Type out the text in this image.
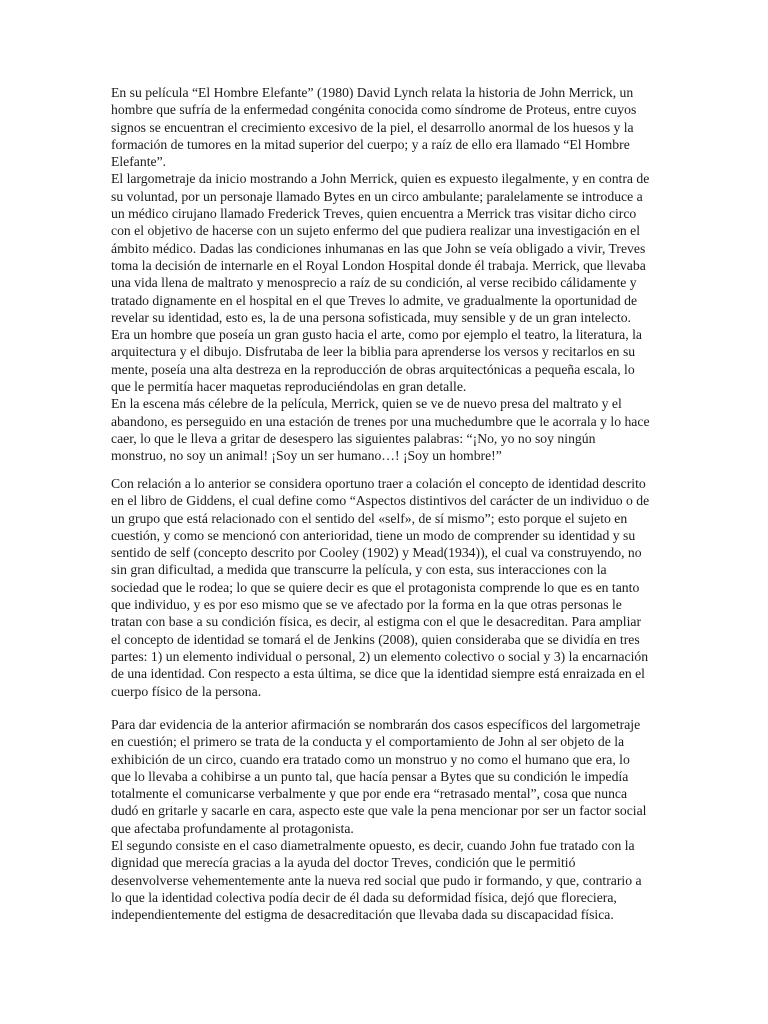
En su película “El Hombre Elefante” (1980) David Lynch relata la historia de John Merrick, un hombre que sufría de la enfermedad congénita conocida como síndrome de Proteus, entre cuyos signos se encuentran el crecimiento excesivo de la piel, el desarrollo anormal de los huesos y la formación de tumores en la mitad superior del cuerpo; y a raíz de ello era llamado “El Hombre Elefante”.

El largometraje da inicio mostrando a John Merrick, quien es expuesto ilegalmente, y en contra de su voluntad, por un personaje llamado Bytes en un circo ambulante; paralelamente se introduce a un médico cirujano llamado Frederick Treves, quien encuentra a Merrick tras visitar dicho circo con el objetivo de hacerse con un sujeto enfermo del que pudiera realizar una investigación en el ámbito médico. Dadas las condiciones inhumanas en las que John se veía obligado a vivir, Treves toma la decisión de internarle en el Royal London Hospital donde él trabaja. Merrick, que llevaba una vida llena de maltrato y menosprecio a raíz de su condición, al verse recibido cálidamente y tratado dignamente en el hospital en el que Treves lo admite, ve gradualmente la oportunidad de revelar su identidad, esto es, la de una persona sofisticada, muy sensible y de un gran intelecto. Era un hombre que poseía un gran gusto hacia el arte, como por ejemplo el teatro, la literatura, la arquitectura y el dibujo. Disfrutaba de leer la biblia para aprenderse los versos y recitarlos en su mente, poseía una alta destreza en la reproducción de obras arquitectónicas a pequeña escala, lo que le permitía hacer maquetas reproduciéndolas en gran detalle.

En la escena más célebre de la película, Merrick, quien se ve de nuevo presa del maltrato y el abandono, es perseguido en una estación de trenes por una muchedumbre que le acorrala y lo hace caer, lo que le lleva a gritar de desespero las siguientes palabras: “¡No, yo no soy ningún monstruo, no soy un animal! ¡Soy un ser humano…! ¡Soy un hombre!”

Con relación a lo anterior se considera oportuno traer a colación el concepto de identidad descrito en el libro de Giddens, el cual define como “Aspectos distintivos del carácter de un individuo o de un grupo que está relacionado con el sentido del «self», de sí mismo”; esto porque el sujeto en cuestión, y como se mencionó con anterioridad, tiene un modo de comprender su identidad y su sentido de self (concepto descrito por Cooley (1902) y Mead(1934)), el cual va construyendo, no sin gran dificultad, a medida que transcurre la película, y con esta, sus interacciones con la sociedad que le rodea; lo que se quiere decir es que el protagonista comprende lo que es en tanto que individuo, y es por eso mismo que se ve afectado por la forma en la que otras personas le tratan con base a su condición física, es decir, al estigma con el que le desacreditan. Para ampliar el concepto de identidad se tomará el de Jenkins (2008), quien consideraba que se dividía en tres partes: 1) un elemento individual o personal, 2) un elemento colectivo o social y 3) la encarnación de una identidad. Con respecto a esta última, se dice que la identidad siempre está enraizada en el cuerpo físico de la persona.

Para dar evidencia de la anterior afirmación se nombrarán dos casos específicos del largometraje en cuestión; el primero se trata de la conducta y el comportamiento de John al ser objeto de la exhibición de un circo, cuando era tratado como un monstruo y no como el humano que era, lo que lo llevaba a cohibirse a un punto tal, que hacía pensar a Bytes que su condición le impedía totalmente el comunicarse verbalmente y que por ende era “retrasado mental”, cosa que nunca dudó en gritarle y sacarle en cara, aspecto este que vale la pena mencionar por ser un factor social que afectaba profundamente al protagonista.

El segundo consiste en el caso diametralmente opuesto, es decir, cuando John fue tratado con la dignidad que merecía gracias a la ayuda del doctor Treves, condición que le permitió desenvolverse vehementemente ante la nueva red social que pudo ir formando, y que, contrario a lo que la identidad colectiva podía decir de él dada su deformidad física, dejó que floreciera, independientemente del estigma de desacreditación que llevaba dada su discapacidad física.
